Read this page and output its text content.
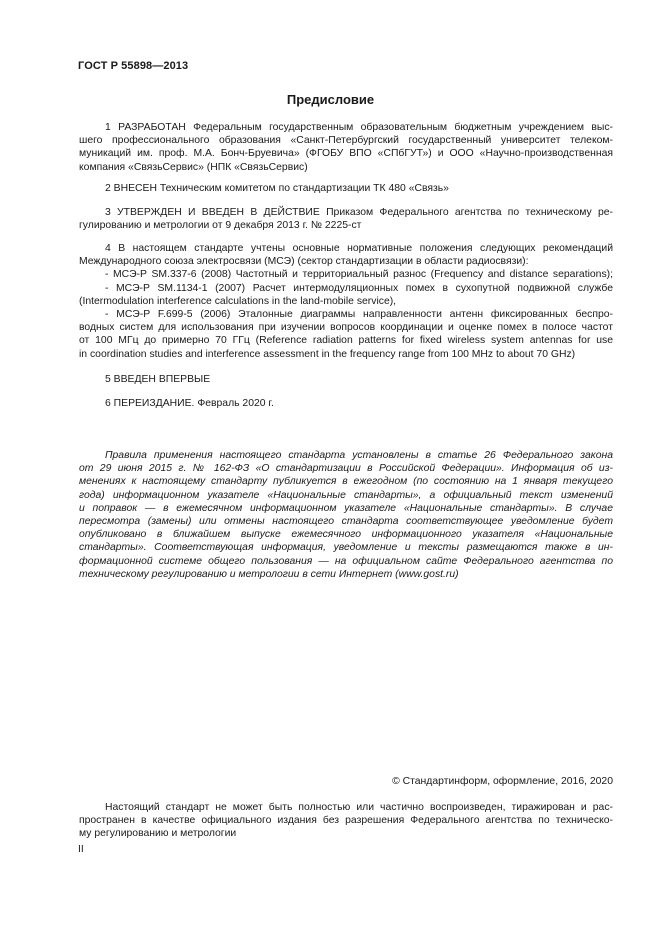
ГОСТ Р 55898—2013
Предисловие
1 РАЗРАБОТАН Федеральным государственным образовательным бюджетным учреждением выс-
шего профессионального образования «Санкт-Петербургский государственный университет телеком-
муникаций им. проф. М.А. Бонч-Бруевича» (ФГОБУ ВПО «СПбГУТ») и ООО «Научно-производственная
компания «СвязьСервис» (НПК «СвязьСервис)
2 ВНЕСЕН Техническим комитетом по стандартизации ТК 480 «Связь»
3 УТВЕРЖДЕН И ВВЕДЕН В ДЕЙСТВИЕ Приказом Федерального агентства по техническому ре-
гулированию и метрологии от 9 декабря 2013 г. № 2225-ст
4 В настоящем стандарте учтены основные нормативные положения следующих рекомендаций
Международного союза электросвязи (МСЭ) (сектор стандартизации в области радиосвязи):
- МСЭ-Р SM.337-6 (2008) Частотный и территориальный разнос (Frequency and distance separations);
- МСЭ-Р SM.1134-1 (2007) Расчет интермодуляционных помех в сухопутной подвижной службе
(Intermodulation interference calculations in the land-mobile service),
- МСЭ-Р F.699-5 (2006) Эталонные диаграммы направленности антенн фиксированных беспро-
водных систем для использования при изучении вопросов координации и оценке помех в полосе частот
от 100 МГц до примерно 70 ГГц (Reference radiation patterns for fixed wireless system antennas for use
in coordination studies and interference assessment in the frequency range from 100 MHz to about 70 GHz)
5 ВВЕДЕН ВПЕРВЫЕ
6 ПЕРЕИЗДАНИЕ. Февраль 2020 г.
Правила применения настоящего стандарта установлены в статье 26 Федерального закона
от 29 июня 2015 г. № 162-ФЗ «О стандартизации в Российской Федерации». Информация об из-
менениях к настоящему стандарту публикуется в ежегодном (по состоянию на 1 января текущего
года) информационном указателе «Национальные стандарты», а официальный текст изменений
и поправок — в ежемесячном информационном указателе «Национальные стандарты». В случае
пересмотра (замены) или отмены настоящего стандарта соответствующее уведомление будет
опубликовано в ближайшем выпуске ежемесячного информационного указателя «Национальные
стандарты». Соответствующая информация, уведомление и тексты размещаются также в ин-
формационной системе общего пользования — на официальном сайте Федерального агентства по
техническому регулированию и метрологии в сети Интернет (www.gost.ru)
© Стандартинформ, оформление, 2016, 2020
Настоящий стандарт не может быть полностью или частично воспроизведен, тиражирован и рас-
пространен в качестве официального издания без разрешения Федерального агентства по техническо-
му регулированию и метрологии
II
